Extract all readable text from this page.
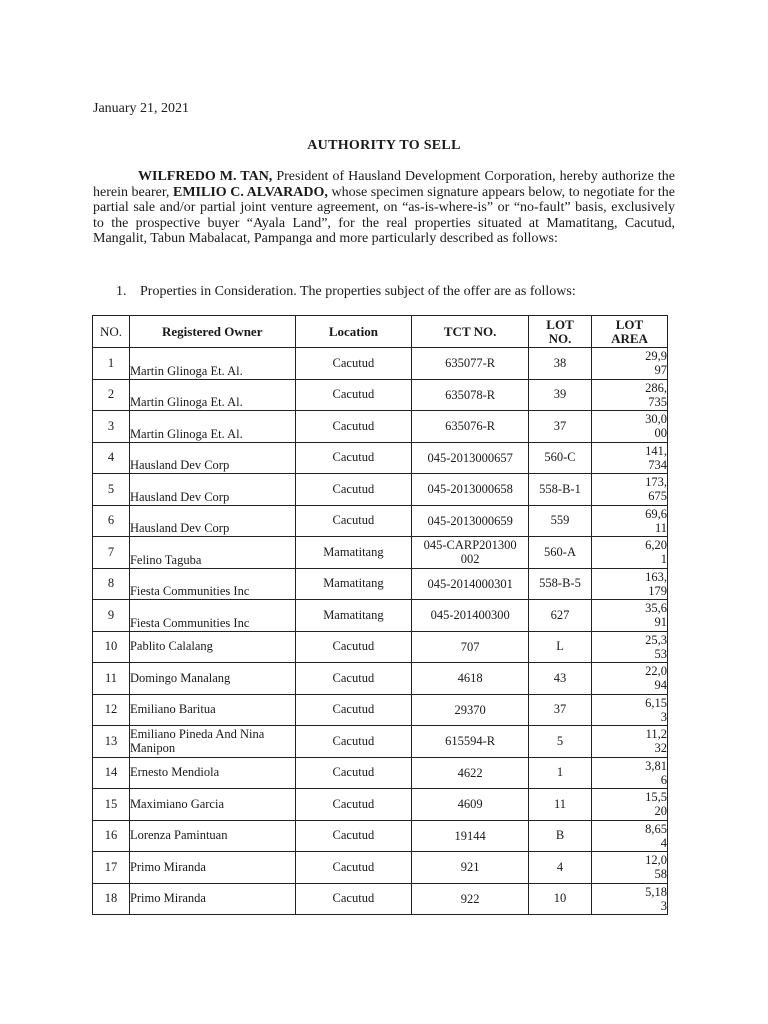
January 21, 2021
AUTHORITY TO SELL
WILFREDO M. TAN, President of Hausland Development Corporation, hereby authorize the herein bearer, EMILIO C. ALVARADO, whose specimen signature appears below, to negotiate for the partial sale and/or partial joint venture agreement, on “as-is-where-is” or “no-fault” basis, exclusively to the prospective buyer “Ayala Land”, for the real properties situated at Mamatitang, Cacutud, Mangalit, Tabun Mabalacat, Pampanga and more particularly described as follows:
1. Properties in Consideration. The properties subject of the offer are as follows:
NO.	Registered Owner	Location	TCT NO.	LOT NO.	LOT AREA
1	Martin Glinoga Et. Al.	Cacutud	635077-R	38	29,997
2	Martin Glinoga Et. Al.	Cacutud	635078-R	39	286,735
3	Martin Glinoga Et. Al.	Cacutud	635076-R	37	30,000
4	Hausland Dev Corp	Cacutud	045-2013000657	560-C	141,734
5	Hausland Dev Corp	Cacutud	045-2013000658	558-B-1	173,675
6	Hausland Dev Corp	Cacutud	045-2013000659	559	69,611
7	Felino Taguba	Mamatitang	045-CARP201300002	560-A	6,201
8	Fiesta Communities Inc	Mamatitang	045-2014000301	558-B-5	163,179
9	Fiesta Communities Inc	Mamatitang	045-201400300	627	35,691
10	Pablito Calalang	Cacutud	707	L	25,353
11	Domingo Manalang	Cacutud	4618	43	22,094
12	Emiliano Baritua	Cacutud	29370	37	6,153
13	Emiliano Pineda And Nina Manipon	Cacutud	615594-R	5	11,232
14	Ernesto Mendiola	Cacutud	4622	1	3,816
15	Maximiano Garcia	Cacutud	4609	11	15,520
16	Lorenza Pamintuan	Cacutud	19144	B	8,654
17	Primo Miranda	Cacutud	921	4	12,058
18	Primo Miranda	Cacutud	922	10	5,183
